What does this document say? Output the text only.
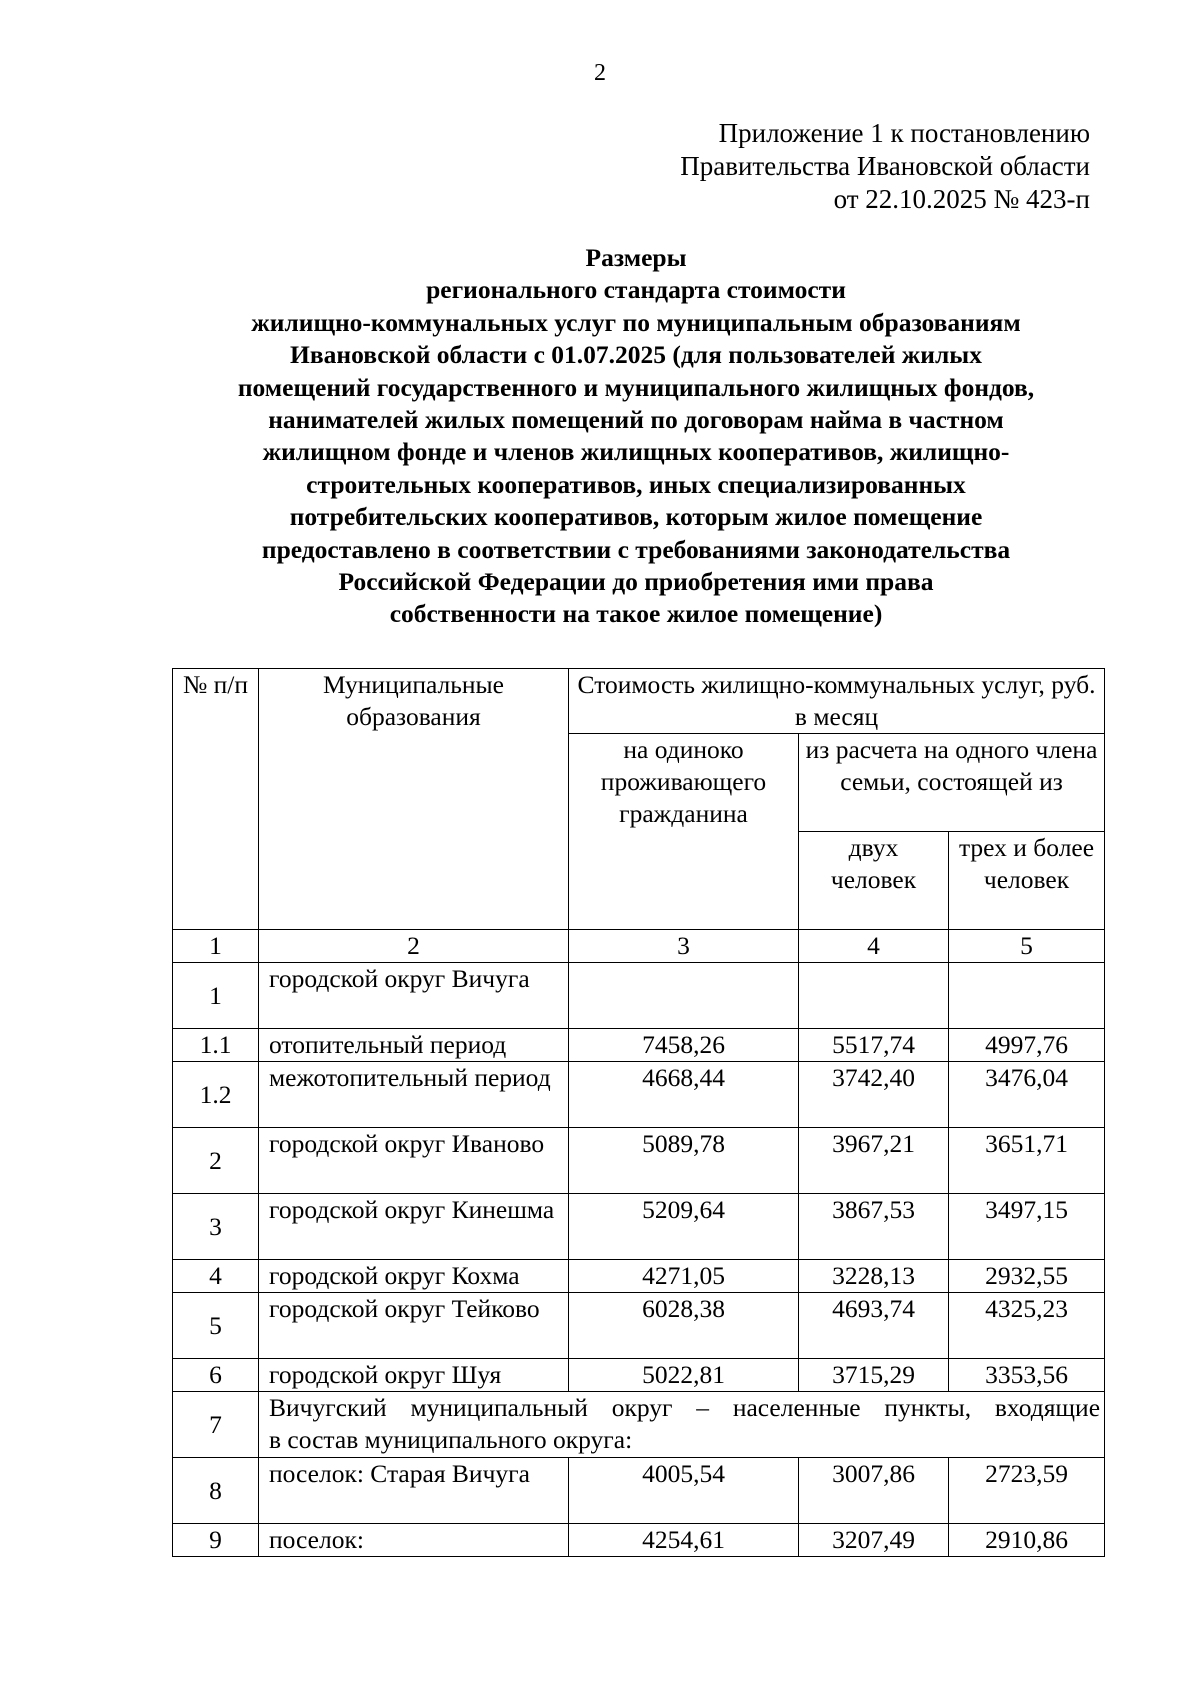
2
Приложение 1 к постановлению
Правительства Ивановской области
от 22.10.2025 № 423-п
Размеры
регионального стандарта стоимости
жилищно-коммунальных услуг по муниципальным образованиям
Ивановской области с 01.07.2025 (для пользователей жилых
помещений государственного и муниципального жилищных фондов,
нанимателей жилых помещений по договорам найма в частном
жилищном фонде и членов жилищных кооперативов, жилищно-
строительных кооперативов, иных специализированных
потребительских кооперативов, которым жилое помещение
предоставлено в соответствии с требованиями законодательства
Российской Федерации до приобретения ими права
собственности на такое жилое помещение)
№ п/п	Муниципальные образования	Стоимость жилищно-коммунальных услуг, руб. в месяц		
		на одиноко проживающего гражданина	из расчета на одного члена семьи, состоящей из	
			двух человек	трех и более человек
1	2	3	4	5
1	городской округ Вичуга			
1.1	отопительный период	7458,26	5517,74	4997,76
1.2	межотопительный период	4668,44	3742,40	3476,04
2	городской округ Иваново	5089,78	3967,21	3651,71
3	городской округ Кинешма	5209,64	3867,53	3497,15
4	городской округ Кохма	4271,05	3228,13	2932,55
5	городской округ Тейково	6028,38	4693,74	4325,23
6	городской округ Шуя	5022,81	3715,29	3353,56
7	Вичугский муниципальный округ – населенные пункты, входящие
в состав муниципального округа:			

8	поселок: Старая Вичуга	4005,54	3007,86	2723,59
9	поселок:	4254,61	3207,49	2910,86
